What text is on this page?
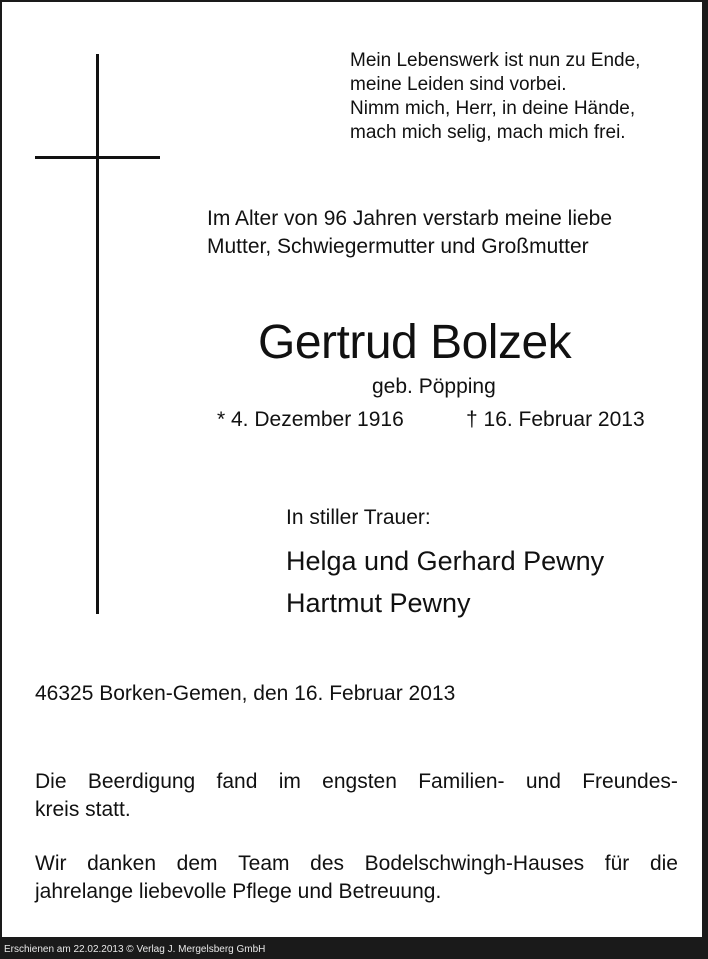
Mein Lebenswerk ist nun zu Ende,
meine Leiden sind vorbei.
Nimm mich, Herr, in deine Hände,
mach mich selig, mach mich frei.
Im Alter von 96 Jahren verstarb meine liebe
Mutter, Schwiegermutter und Großmutter
Gertrud Bolzek
geb. Pöpping
* 4. Dezember 1916	† 16. Februar 2013
In stiller Trauer:
Helga und Gerhard Pewny
Hartmut Pewny
46325 Borken-Gemen, den 16. Februar 2013
Die Beerdigung fand im engsten Familien- und Freundes-
kreis statt.
Wir danken dem Team des Bodelschwingh-Hauses für die
jahrelange liebevolle Pflege und Betreuung.
Erschienen am 22.02.2013 © Verlag J. Mergelsberg GmbH
